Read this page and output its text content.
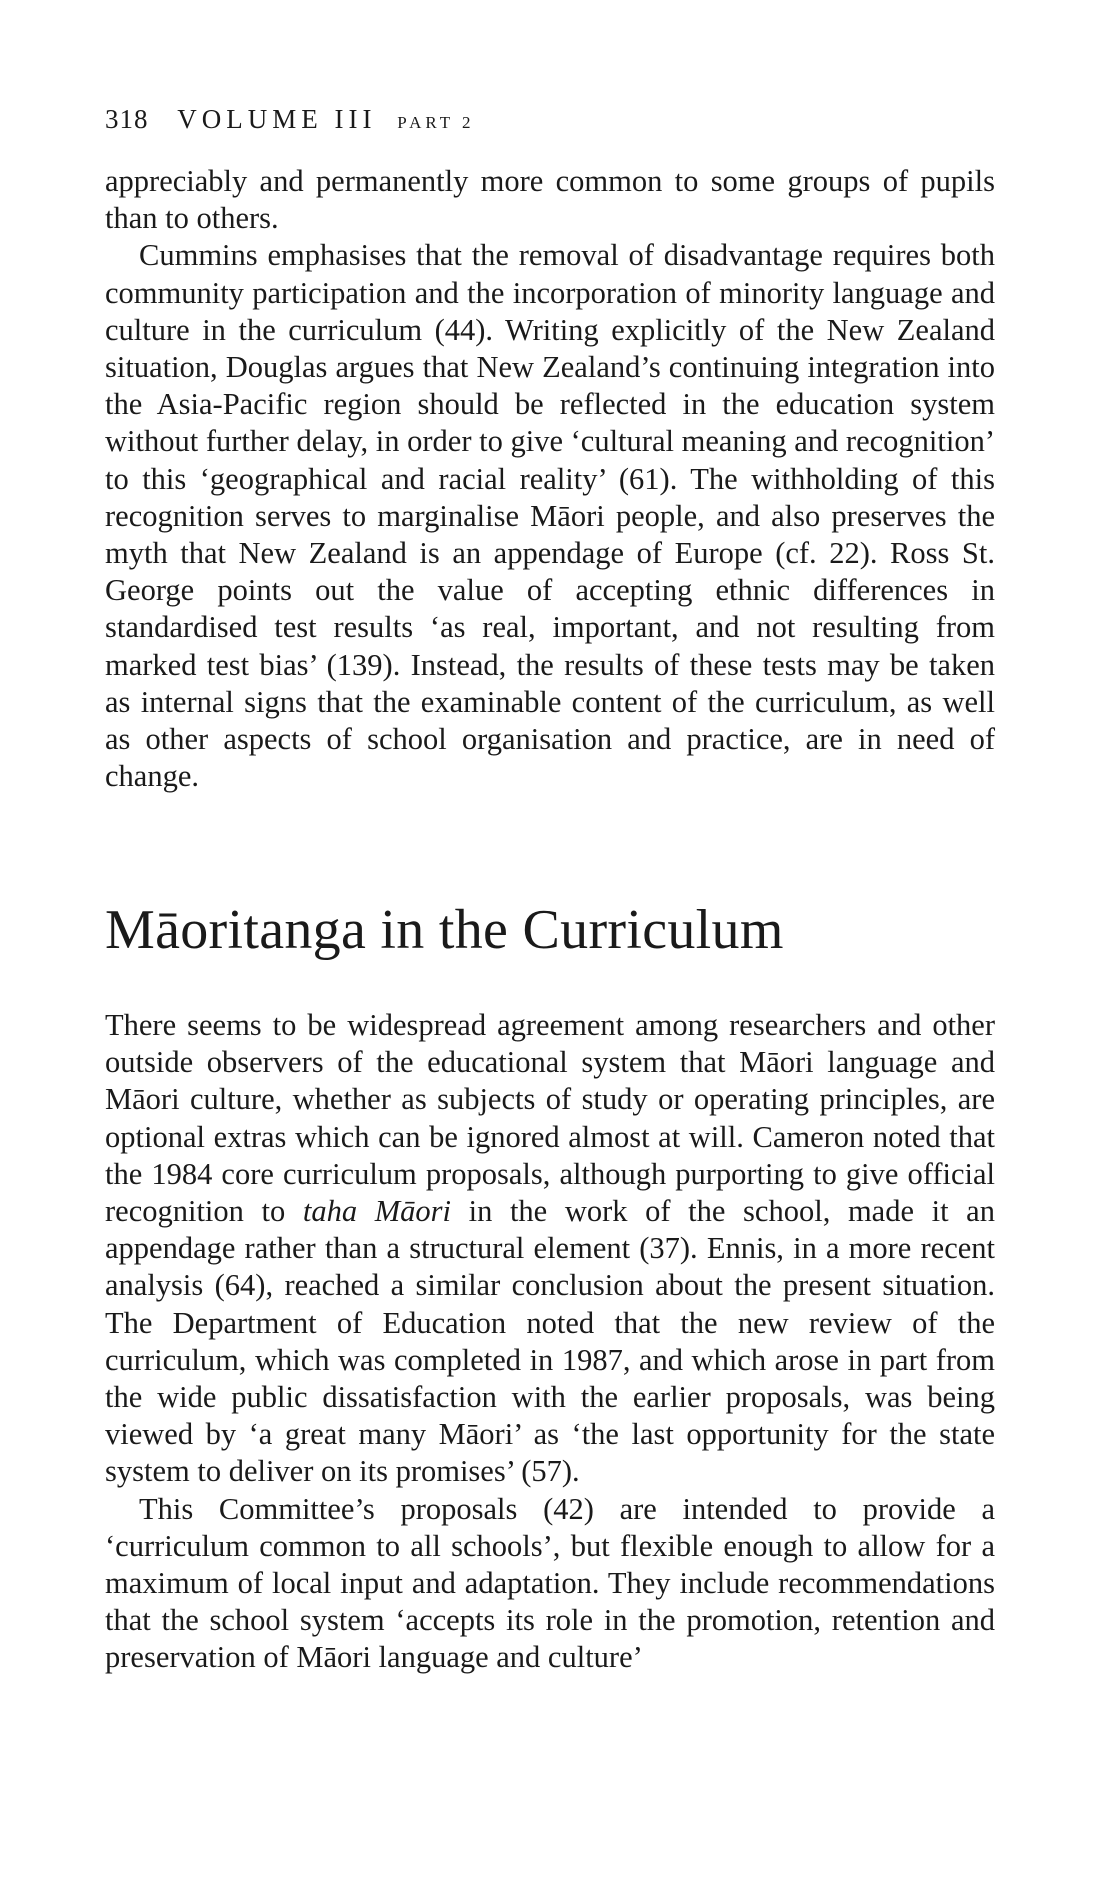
318 VOLUME III PART 2

appreciably and permanently more common to some groups of pupils than to others.

Cummins emphasises that the removal of disadvantage requires both community participation and the incorporation of minority language and culture in the curriculum (44). Writing explicitly of the New Zealand situation, Douglas argues that New Zealand’s continuing integration into the Asia-Pacific region should be reflected in the education system without further delay, in order to give ‘cultural meaning and recognition’ to this ‘geographical and racial reality’ (61). The withholding of this recognition serves to marginalise Māori people, and also preserves the myth that New Zealand is an appendage of Europe (cf. 22). Ross St. George points out the value of accepting ethnic differences in standardised test results ‘as real, important, and not resulting from marked test bias’ (139). Instead, the results of these tests may be taken as internal signs that the examinable content of the curriculum, as well as other aspects of school organisation and practice, are in need of change.

Māoritanga in the Curriculum

There seems to be widespread agreement among researchers and other outside observers of the educational system that Māori language and Māori culture, whether as subjects of study or operating principles, are optional extras which can be ignored almost at will. Cameron noted that the 1984 core curriculum proposals, although purporting to give official recognition to taha Māori in the work of the school, made it an appendage rather than a structural element (37). Ennis, in a more recent analysis (64), reached a similar conclusion about the present situation. The Department of Education noted that the new review of the curriculum, which was completed in 1987, and which arose in part from the wide public dissatisfaction with the earlier proposals, was being viewed by ‘a great many Māori’ as ‘the last opportunity for the state system to deliver on its promises’ (57).

This Committee’s proposals (42) are intended to provide a ‘curriculum common to all schools’, but flexible enough to allow for a maximum of local input and adaptation. They include recommendations that the school system ‘accepts its role in the promotion, retention and preservation of Māori language and culture’
